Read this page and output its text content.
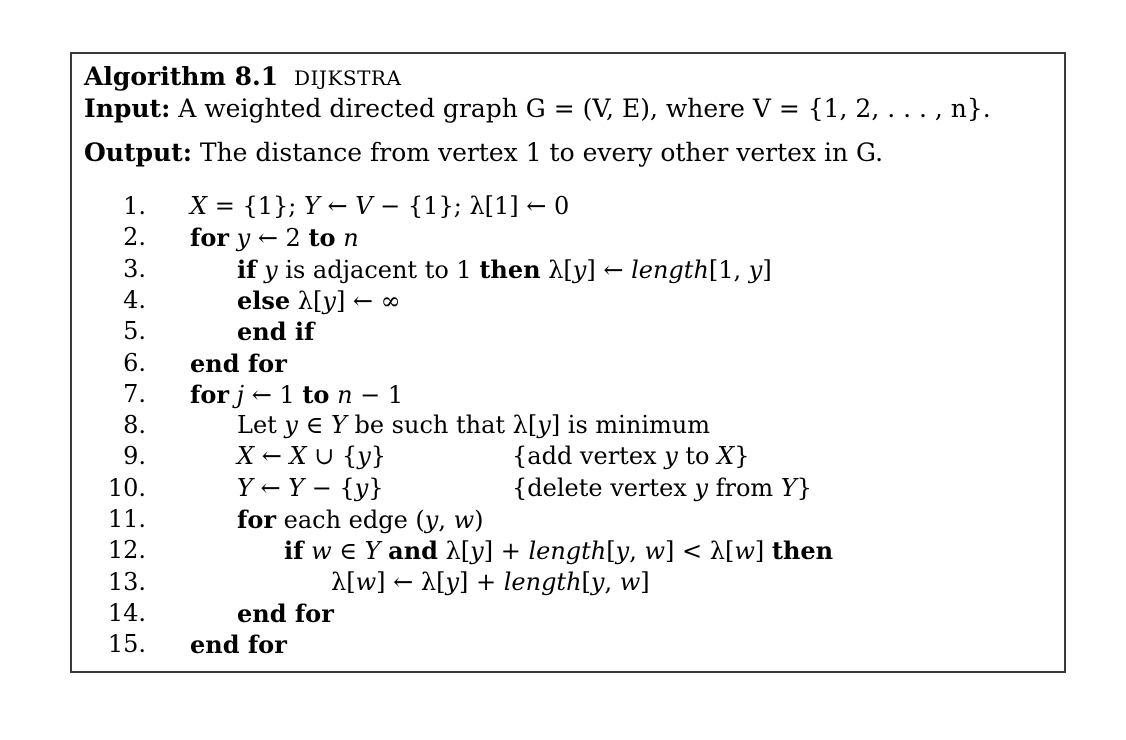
Algorithm 8.1 DIJKSTRA
Input: A weighted directed graph G = (V, E), where V = {1, 2, . . . , n}.
Output: The distance from vertex 1 to every other vertex in G.
1. X = {1}; Y ← V − {1}; λ[1] ← 0
2. for y ← 2 to n
3.	if y is adjacent to 1 then λ[y] ← length[1, y]
4.	else λ[y] ← ∞
5.	end if
6. end for
7. for j ← 1 to n − 1
8.	Let y ∈ Y be such that λ[y] is minimum
9.	X ← X ∪ {y}	{add vertex y to X}
10.	Y ← Y − {y}	{delete vertex y from Y}
11.	for each edge (y, w)
12.	if w ∈ Y and λ[y] + length[y, w] < λ[w] then
13.	λ[w] ← λ[y] + length[y, w]
14.	end for
15. end for
